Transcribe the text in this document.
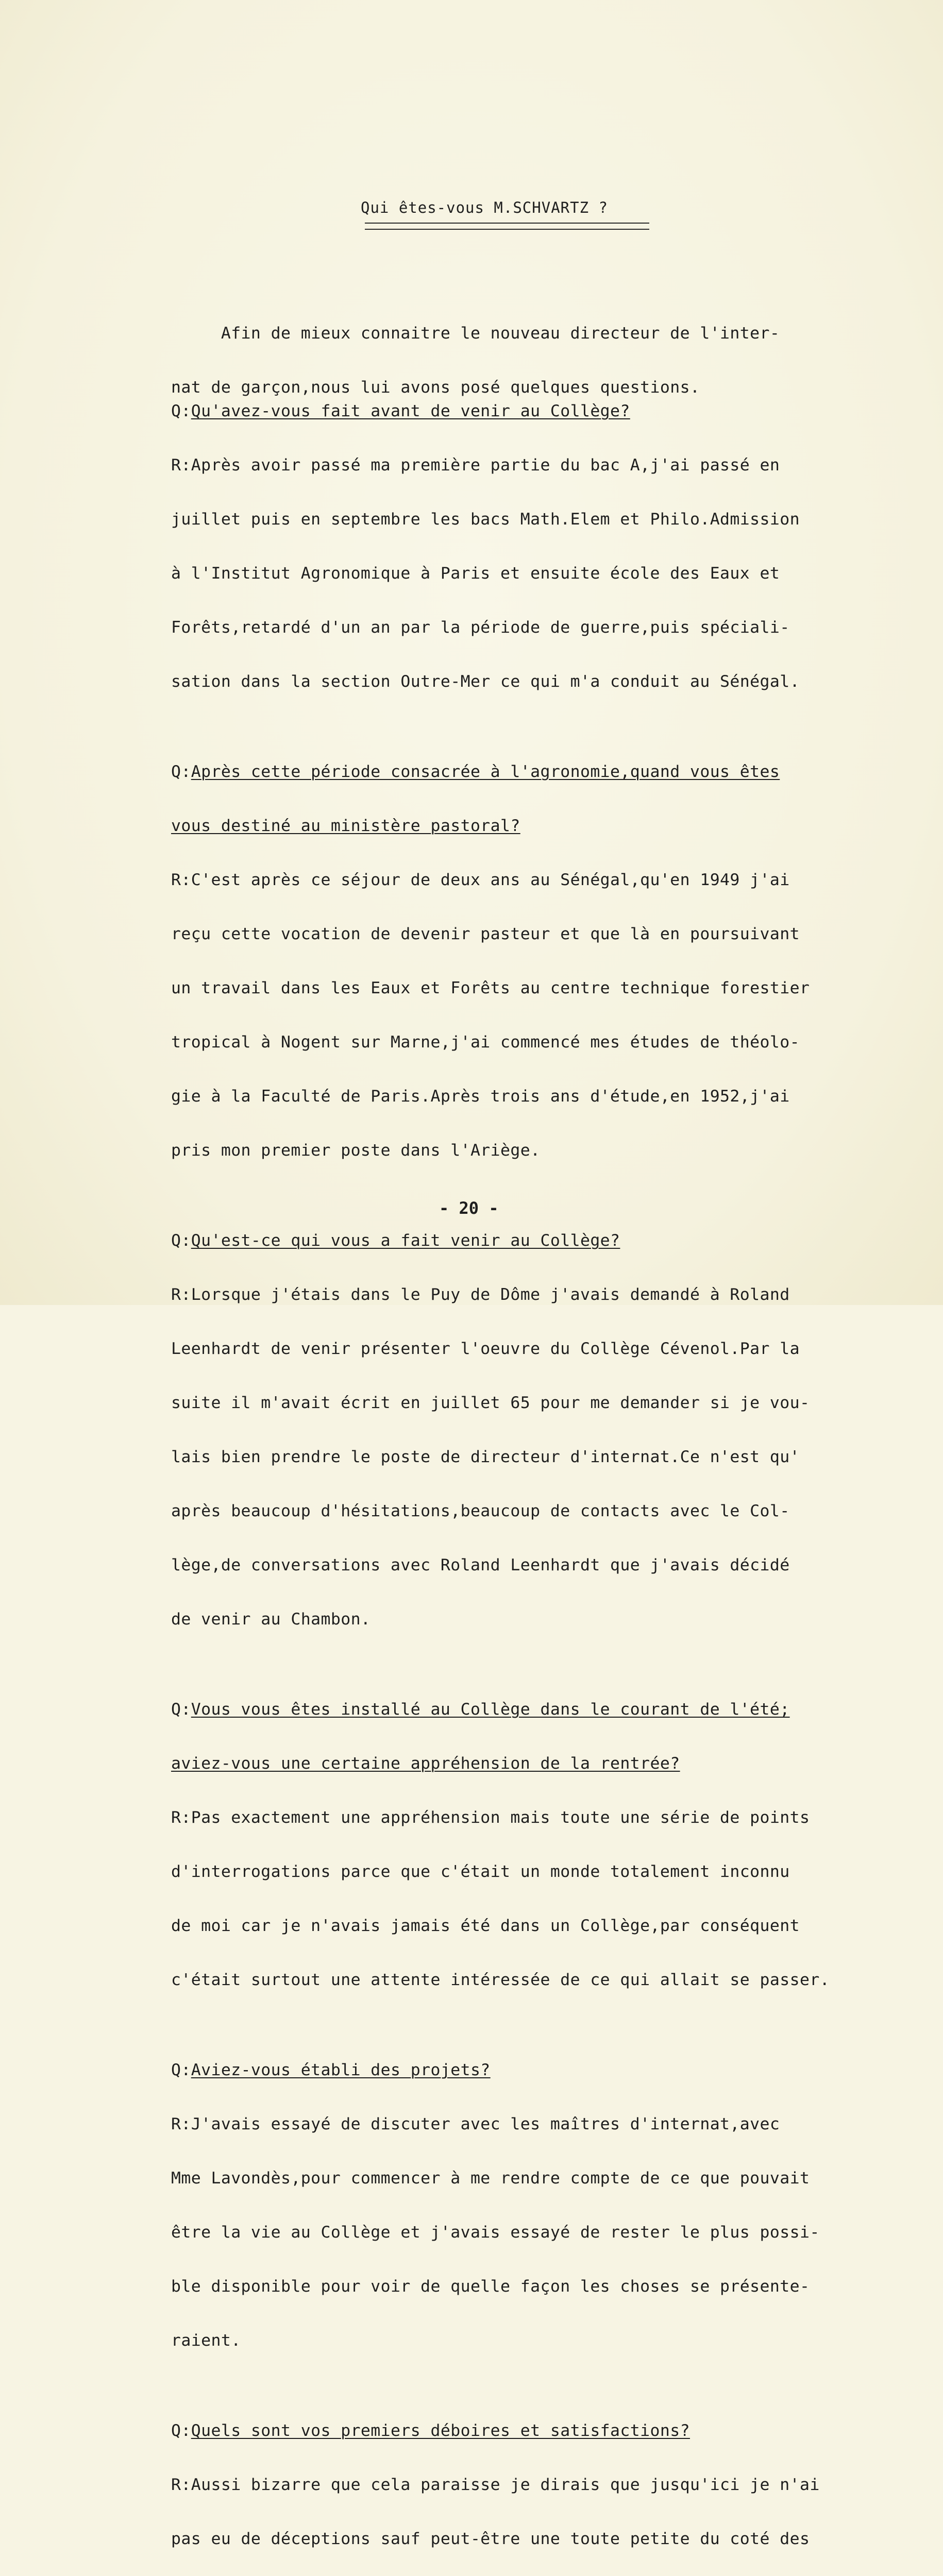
Qui êtes-vous M.SCHVARTZ ?

Afin de mieux connaitre le nouveau directeur de l'inter-

nat de garçon,nous lui avons posé quelques questions.

Q:Qu'avez-vous fait avant de venir au Collège?

R:Après avoir passé ma première partie du bac A,j'ai passé en

juillet puis en septembre les bacs Math.Elem et Philo.Admission

à l'Institut Agronomique à Paris et ensuite école des Eaux et

Forêts,retardé d'un an par la période de guerre,puis spéciali-

sation dans la section Outre-Mer ce qui m'a conduit au Sénégal.

Q:Après cette période consacrée à l'agronomie,quand vous êtes

vous destiné au ministère pastoral?

R:C'est après ce séjour de deux ans au Sénégal,qu'en 1949 j'ai

reçu cette vocation de devenir pasteur et que là en poursuivant

un travail dans les Eaux et Forêts au centre technique forestier

tropical à Nogent sur Marne,j'ai commencé mes études de théolo-

gie à la Faculté de Paris.Après trois ans d'étude,en 1952,j'ai

pris mon premier poste dans l'Ariège.

Q:Qu'est-ce qui vous a fait venir au Collège?

R:Lorsque j'étais dans le Puy de Dôme j'avais demandé à Roland

Leenhardt de venir présenter l'oeuvre du Collège Cévenol.Par la

suite il m'avait écrit en juillet 65 pour me demander si je vou-

lais bien prendre le poste de directeur d'internat.Ce n'est qu'

après beaucoup d'hésitations,beaucoup de contacts avec le Col-

lège,de conversations avec Roland Leenhardt que j'avais décidé

de venir au Chambon.

Q:Vous vous êtes installé au Collège dans le courant de l'été;

aviez-vous une certaine appréhension de la rentrée?

R:Pas exactement une appréhension mais toute une série de points

d'interrogations parce que c'était un monde totalement inconnu

de moi car je n'avais jamais été dans un Collège,par conséquent

c'était surtout une attente intéressée de ce qui allait se passer.

Q:Aviez-vous établi des projets?

R:J'avais essayé de discuter avec les maîtres d'internat,avec

Mme Lavondès,pour commencer à me rendre compte de ce que pouvait

être la vie au Collège et j'avais essayé de rester le plus possi-

ble disponible pour voir de quelle façon les choses se présente-

raient.

Q:Quels sont vos premiers déboires et satisfactions?

R:Aussi bizarre que cela paraisse je dirais que jusqu'ici je n'ai

pas eu de déceptions sauf peut-être une toute petite du coté des

- 20 -
